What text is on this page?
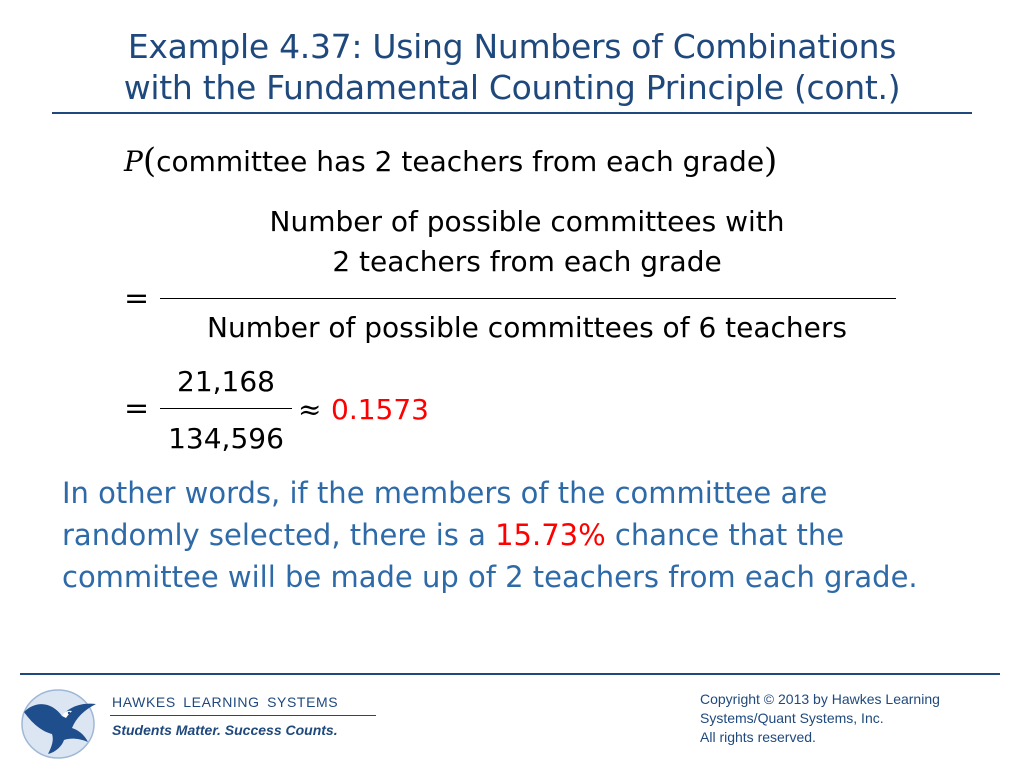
Example 4.37: Using Numbers of Combinations
with the Fundamental Counting Principle (cont.)
P(committee has 2 teachers from each grade)
=
Number of possible committees with
2 teachers from each grade
Number of possible committees of 6 teachers
=
21,168
134,596
≈ 0.1573
In other words, if the members of the committee are randomly selected, there is a 15.73% chance that the committee will be made up of 2 teachers from each grade.
HAWKES LEARNING SYSTEMS
Students Matter. Success Counts.
Copyright © 2013 by Hawkes Learning
Systems/Quant Systems, Inc.
All rights reserved.
